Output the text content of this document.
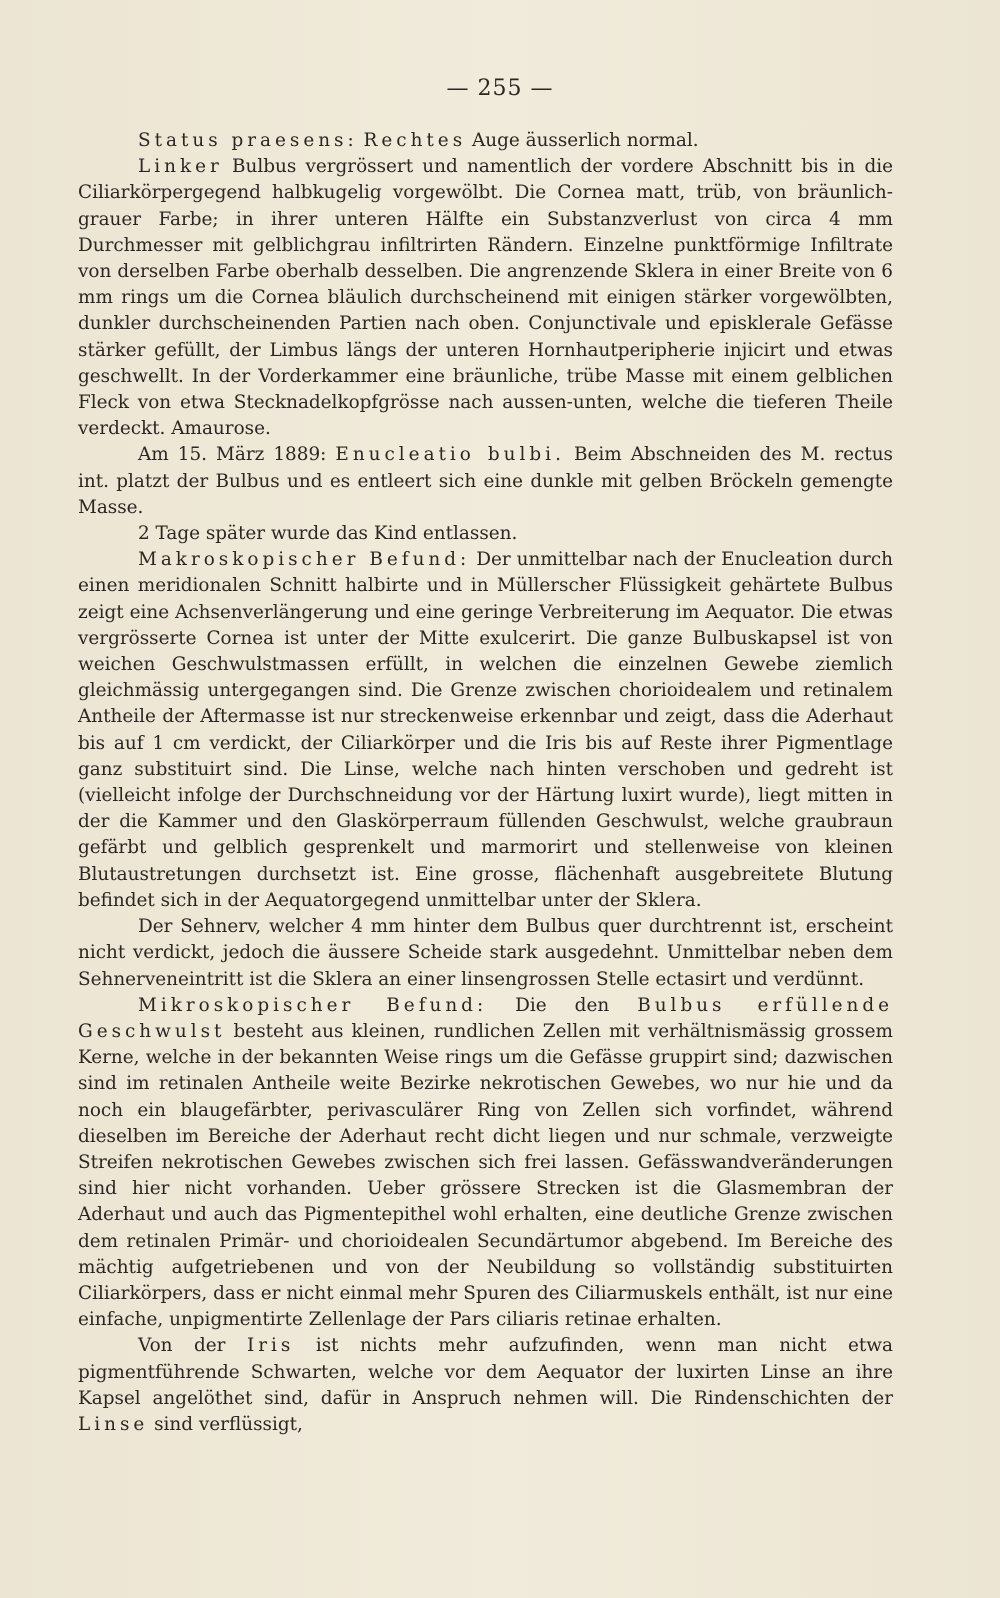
— 255 —

Status praesens: Rechtes Auge äusserlich normal.

Linker Bulbus vergrössert und namentlich der vordere Abschnitt bis in die Ciliarkörpergegend halbkugelig vorgewölbt. Die Cornea matt, trüb, von bräunlich-grauer Farbe; in ihrer unteren Hälfte ein Substanzverlust von circa 4 mm Durchmesser mit gelblichgrau infiltrirten Rändern. Einzelne punktförmige Infiltrate von derselben Farbe oberhalb desselben. Die angrenzende Sklera in einer Breite von 6 mm rings um die Cornea bläulich durchscheinend mit einigen stärker vorgewölbten, dunkler durchscheinenden Partien nach oben. Conjunctivale und episklerale Gefässe stärker gefüllt, der Limbus längs der unteren Hornhautperipherie injicirt und etwas geschwellt. In der Vorderkammer eine bräunliche, trübe Masse mit einem gelblichen Fleck von etwa Stecknadelkopfgrösse nach aussen-unten, welche die tieferen Theile verdeckt. Amaurose.

Am 15. März 1889: Enucleatio bulbi. Beim Abschneiden des M. rectus int. platzt der Bulbus und es entleert sich eine dunkle mit gelben Bröckeln gemengte Masse.

2 Tage später wurde das Kind entlassen.

Makroskopischer Befund: Der unmittelbar nach der Enucleation durch einen meridionalen Schnitt halbirte und in Müllerscher Flüssigkeit gehärtete Bulbus zeigt eine Achsenverlängerung und eine geringe Verbreiterung im Aequator. Die etwas vergrösserte Cornea ist unter der Mitte exulcerirt. Die ganze Bulbuskapsel ist von weichen Geschwulstmassen erfüllt, in welchen die einzelnen Gewebe ziemlich gleichmässig untergegangen sind. Die Grenze zwischen chorioidealem und retinalem Antheile der Aftermasse ist nur streckenweise erkennbar und zeigt, dass die Aderhaut bis auf 1 cm verdickt, der Ciliarkörper und die Iris bis auf Reste ihrer Pigmentlage ganz substituirt sind. Die Linse, welche nach hinten verschoben und gedreht ist (vielleicht infolge der Durchschneidung vor der Härtung luxirt wurde), liegt mitten in der die Kammer und den Glaskörperraum füllenden Geschwulst, welche graubraun gefärbt und gelblich gesprenkelt und marmorirt und stellenweise von kleinen Blutaustretungen durchsetzt ist. Eine grosse, flächenhaft ausgebreitete Blutung befindet sich in der Aequatorgegend unmittelbar unter der Sklera.

Der Sehnerv, welcher 4 mm hinter dem Bulbus quer durchtrennt ist, erscheint nicht verdickt, jedoch die äussere Scheide stark ausgedehnt. Unmittelbar neben dem Sehnerveneintritt ist die Sklera an einer linsengrossen Stelle ectasirt und verdünnt.

Mikroskopischer Befund: Die den Bulbus erfüllende Geschwulst besteht aus kleinen, rundlichen Zellen mit verhältnismässig grossem Kerne, welche in der bekannten Weise rings um die Gefässe gruppirt sind; dazwischen sind im retinalen Antheile weite Bezirke nekrotischen Gewebes, wo nur hie und da noch ein blaugefärbter, perivasculärer Ring von Zellen sich vorfindet, während dieselben im Bereiche der Aderhaut recht dicht liegen und nur schmale, verzweigte Streifen nekrotischen Gewebes zwischen sich frei lassen. Gefässwandveränderungen sind hier nicht vorhanden. Ueber grössere Strecken ist die Glasmembran der Aderhaut und auch das Pigmentepithel wohl erhalten, eine deutliche Grenze zwischen dem retinalen Primär- und chorioidealen Secundärtumor abgebend. Im Bereiche des mächtig aufgetriebenen und von der Neubildung so vollständig substituirten Ciliarkörpers, dass er nicht einmal mehr Spuren des Ciliarmuskels enthält, ist nur eine einfache, unpigmentirte Zellenlage der Pars ciliaris retinae erhalten.

Von der Iris ist nichts mehr aufzufinden, wenn man nicht etwa pigmentführende Schwarten, welche vor dem Aequator der luxirten Linse an ihre Kapsel angelöthet sind, dafür in Anspruch nehmen will. Die Rindenschichten der Linse sind verflüssigt,
